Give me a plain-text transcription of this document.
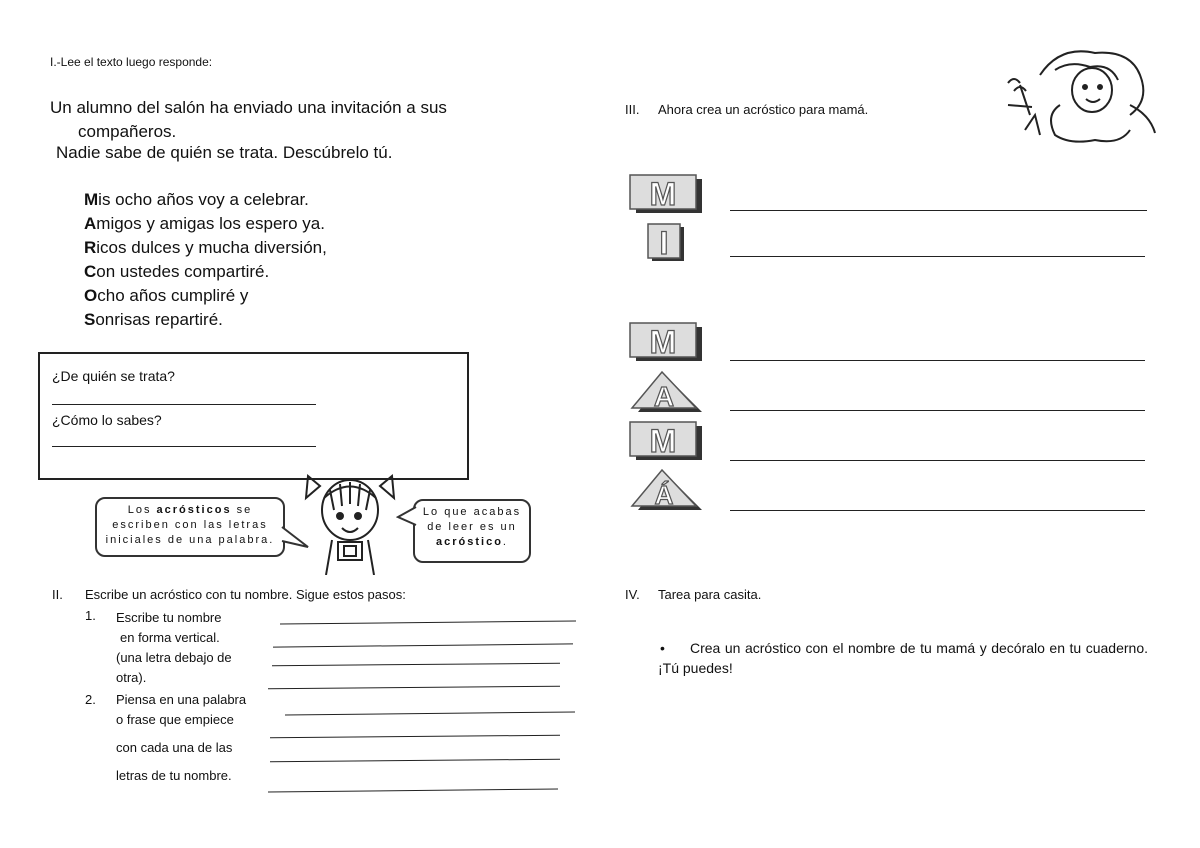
I.-Lee el texto luego responde:
Un alumno del salón ha enviado una invitación a sus
compañeros.
Nadie sabe de quién se trata. Descúbrelo tú.
Mis ocho años voy a celebrar.
Amigos y amigas los espero ya.
Ricos dulces y mucha diversión,
Con ustedes compartiré.
Ocho años cumpliré y
Sonrisas repartiré.
¿De quién se trata?
¿Cómo lo sabes?
Los acrósticos se escriben con las letras iniciales de una palabra.
Lo que acabas de leer es un acróstico.
II. Escribe un acróstico con tu nombre. Sigue estos pasos:
1. Escribe tu nombre
en forma vertical.
(una letra debajo de
otra).
2. Piensa en una palabra
o frase que empiece
con cada una de las
letras de tu nombre.
III. Ahora crea un acróstico para mamá.
M
I
M
A
M
Á
IV. Tarea para casita.
•	Crea un acróstico con el nombre de tu mamá y decóralo en tu cuaderno. ¡Tú puedes!
